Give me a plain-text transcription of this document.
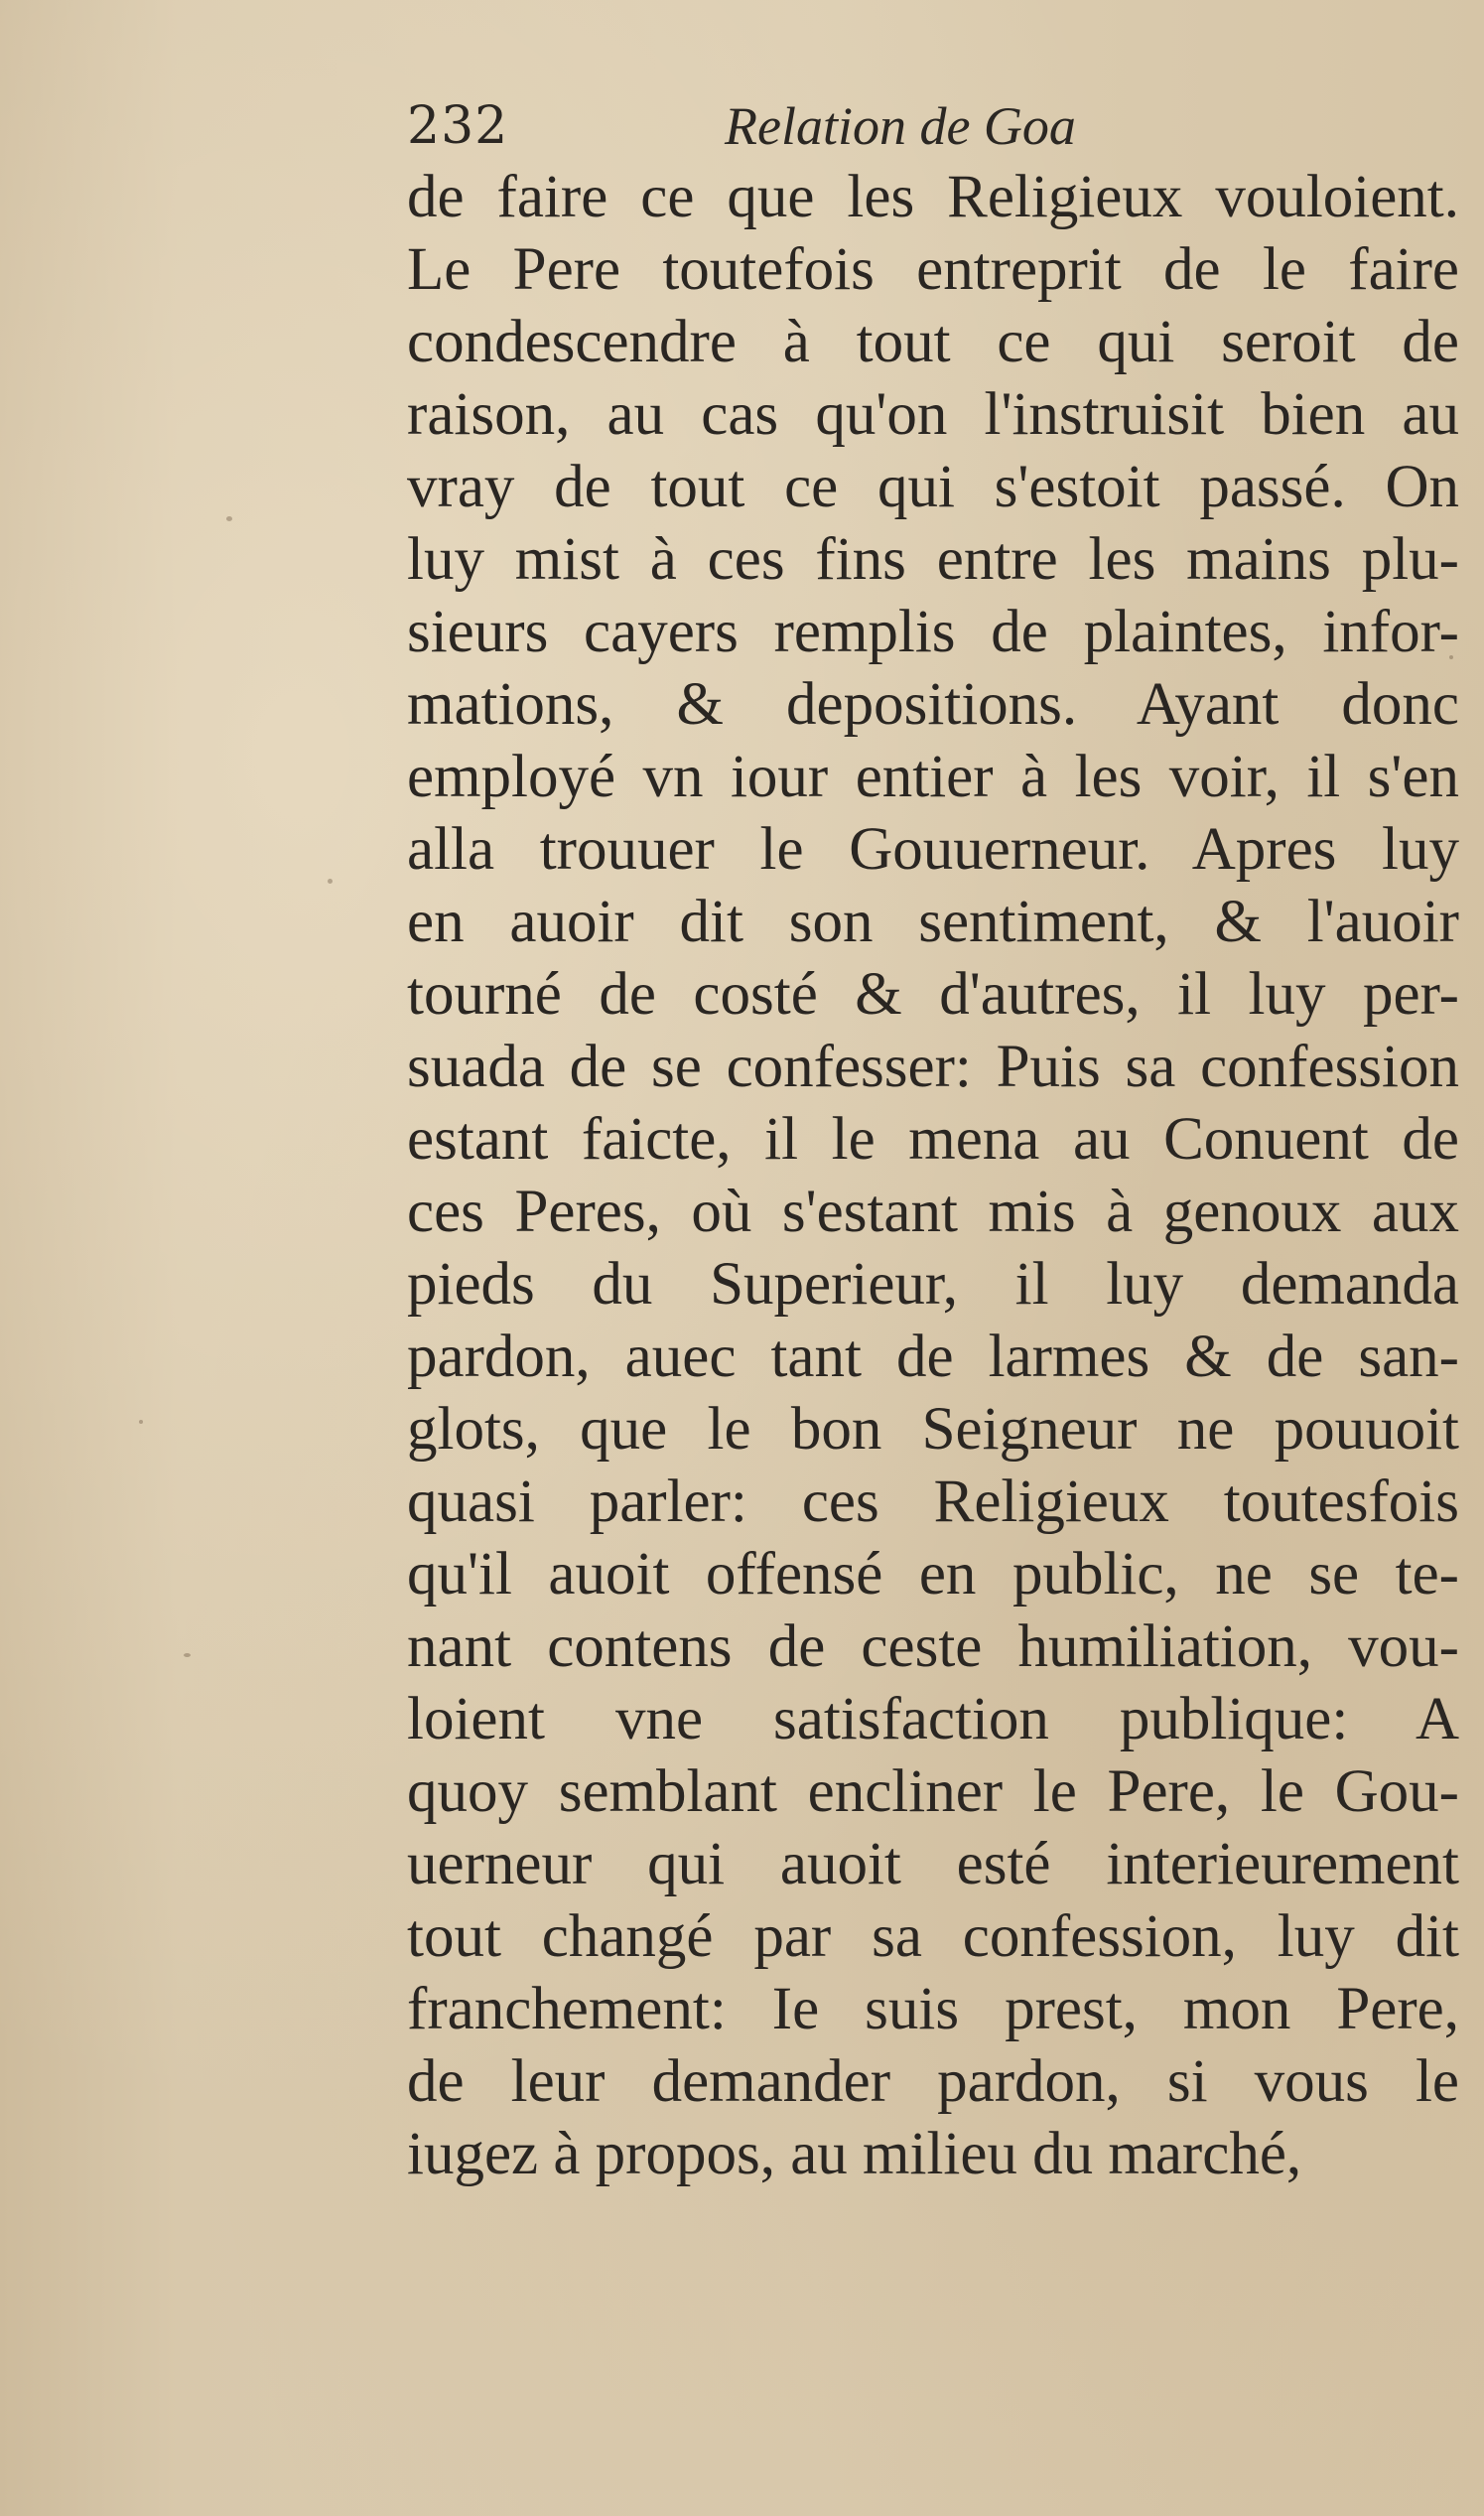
232	Relation de Goa
de faire ce que les Religieux vouloient.
Le Pere toutefois entreprit de le faire
condescendre à tout ce qui seroit de
raison, au cas qu'on l'instruisit bien au
vray de tout ce qui s'estoit passé. On
luy mist à ces fins entre les mains plu-
sieurs cayers remplis de plaintes, infor-
mations, & depositions. Ayant donc
employé vn iour entier à les voir, il s'en
alla trouuer le Gouuerneur. Apres luy
en auoir dit son sentiment, & l'auoir
tourné de costé & d'autres, il luy per-
suada de se confesser: Puis sa confession
estant faicte, il le mena au Conuent de
ces Peres, où s'estant mis à genoux aux
pieds du Superieur, il luy demanda
pardon, auec tant de larmes & de san-
glots, que le bon Seigneur ne pouuoit
quasi parler: ces Religieux toutesfois
qu'il auoit offensé en public, ne se te-
nant contens de ceste humiliation, vou-
loient vne satisfaction publique: A
quoy semblant encliner le Pere, le Gou-
uerneur qui auoit esté interieurement
tout changé par sa confession, luy dit
franchement: Ie suis prest, mon Pere,
de leur demander pardon, si vous le
iugez à propos, au milieu du marché,
